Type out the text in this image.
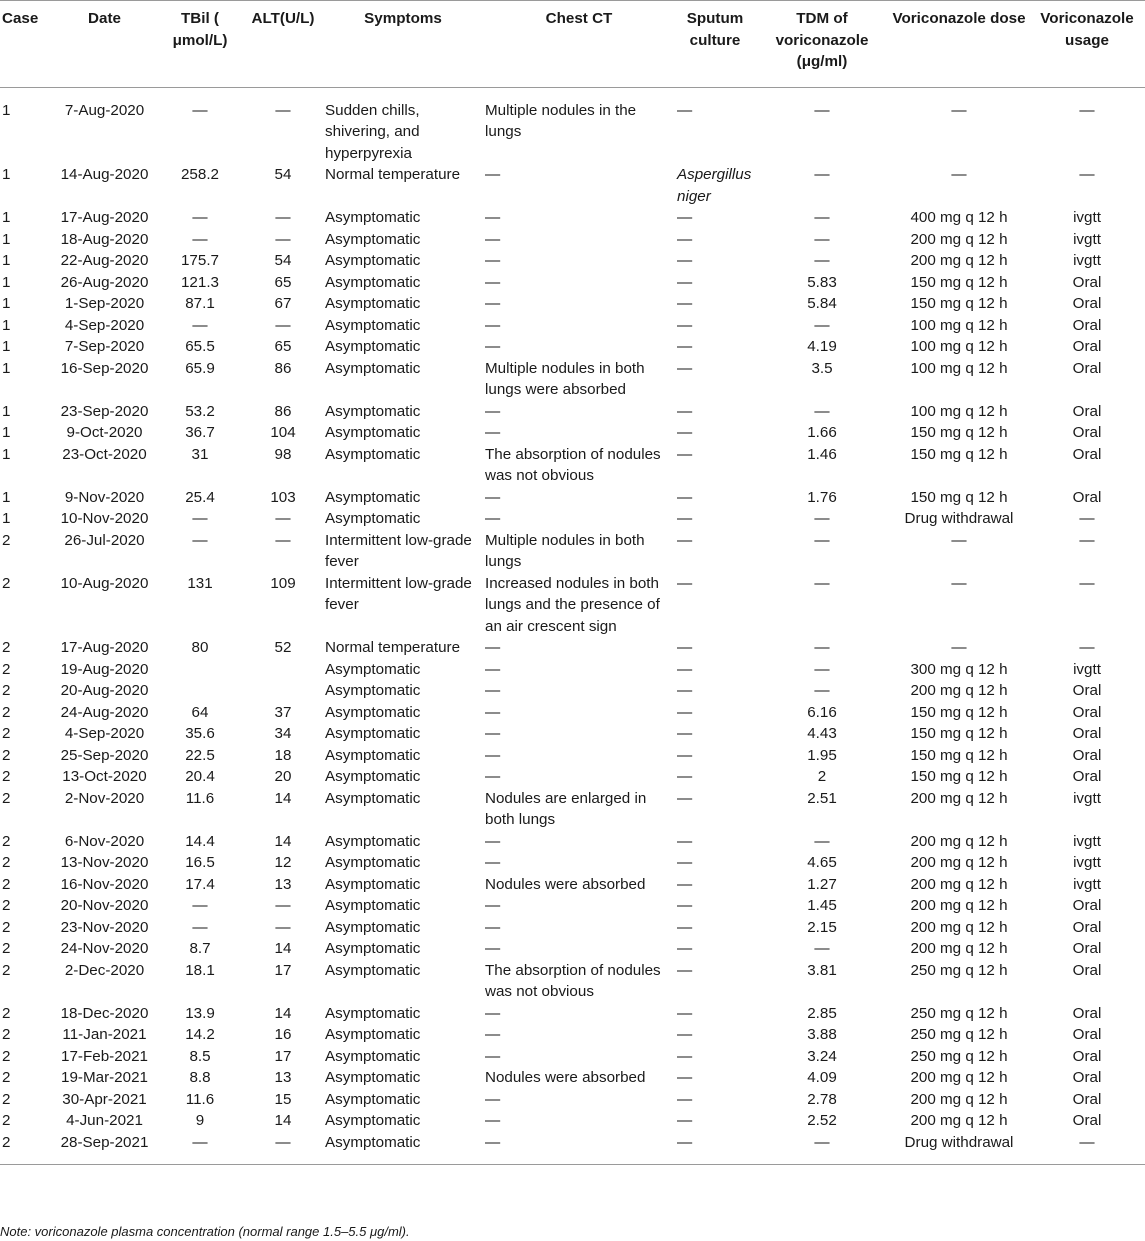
Case	Date	TBil ( μmol/L)	ALT(U/L)	Symptoms	Chest CT	Sputum culture	TDM of voriconazole (μg/ml)	Voriconazole dose	Voriconazole usage
1	7-Aug-2020	—	—	Sudden chills, shivering, and hyperpyrexia	Multiple nodules in the lungs	—	—	—	—
1	14-Aug-2020	258.2	54	Normal temperature	—	Aspergillus niger	—	—	—
1	17-Aug-2020	—	—	Asymptomatic	—	—	—	400 mg q 12 h	ivgtt
1	18-Aug-2020	—	—	Asymptomatic	—	—	—	200 mg q 12 h	ivgtt
1	22-Aug-2020	175.7	54	Asymptomatic	—	—	—	200 mg q 12 h	ivgtt
1	26-Aug-2020	121.3	65	Asymptomatic	—	—	5.83	150 mg q 12 h	Oral
1	1-Sep-2020	87.1	67	Asymptomatic	—	—	5.84	150 mg q 12 h	Oral
1	4-Sep-2020	—	—	Asymptomatic	—	—	—	100 mg q 12 h	Oral
1	7-Sep-2020	65.5	65	Asymptomatic	—	—	4.19	100 mg q 12 h	Oral
1	16-Sep-2020	65.9	86	Asymptomatic	Multiple nodules in both lungs were absorbed	—	3.5	100 mg q 12 h	Oral
1	23-Sep-2020	53.2	86	Asymptomatic	—	—	—	100 mg q 12 h	Oral
1	9-Oct-2020	36.7	104	Asymptomatic	—	—	1.66	150 mg q 12 h	Oral
1	23-Oct-2020	31	98	Asymptomatic	The absorption of nodules was not obvious	—	1.46	150 mg q 12 h	Oral
1	9-Nov-2020	25.4	103	Asymptomatic	—	—	1.76	150 mg q 12 h	Oral
1	10-Nov-2020	—	—	Asymptomatic	—	—	—	Drug withdrawal	—
2	26-Jul-2020	—	—	Intermittent low-grade fever	Multiple nodules in both lungs	—	—	—	—
2	10-Aug-2020	131	109	Intermittent low-grade fever	Increased nodules in both lungs and the presence of an air crescent sign	—	—	—	—
2	17-Aug-2020	80	52	Normal temperature	—	—	—	—	—
2	19-Aug-2020			Asymptomatic	—	—	—	300 mg q 12 h	ivgtt
2	20-Aug-2020			Asymptomatic	—	—	—	200 mg q 12 h	Oral
2	24-Aug-2020	64	37	Asymptomatic	—	—	6.16	150 mg q 12 h	Oral
2	4-Sep-2020	35.6	34	Asymptomatic	—	—	4.43	150 mg q 12 h	Oral
2	25-Sep-2020	22.5	18	Asymptomatic	—	—	1.95	150 mg q 12 h	Oral
2	13-Oct-2020	20.4	20	Asymptomatic	—	—	2	150 mg q 12 h	Oral
2	2-Nov-2020	11.6	14	Asymptomatic	Nodules are enlarged in both lungs	—	2.51	200 mg q 12 h	ivgtt
2	6-Nov-2020	14.4	14	Asymptomatic	—	—	—	200 mg q 12 h	ivgtt
2	13-Nov-2020	16.5	12	Asymptomatic	—	—	4.65	200 mg q 12 h	ivgtt
2	16-Nov-2020	17.4	13	Asymptomatic	Nodules were absorbed	—	1.27	200 mg q 12 h	ivgtt
2	20-Nov-2020	—	—	Asymptomatic	—	—	1.45	200 mg q 12 h	Oral
2	23-Nov-2020	—	—	Asymptomatic	—	—	2.15	200 mg q 12 h	Oral
2	24-Nov-2020	8.7	14	Asymptomatic	—	—	—	200 mg q 12 h	Oral
2	2-Dec-2020	18.1	17	Asymptomatic	The absorption of nodules was not obvious	—	3.81	250 mg q 12 h	Oral
2	18-Dec-2020	13.9	14	Asymptomatic	—	—	2.85	250 mg q 12 h	Oral
2	11-Jan-2021	14.2	16	Asymptomatic	—	—	3.88	250 mg q 12 h	Oral
2	17-Feb-2021	8.5	17	Asymptomatic	—	—	3.24	250 mg q 12 h	Oral
2	19-Mar-2021	8.8	13	Asymptomatic	Nodules were absorbed	—	4.09	200 mg q 12 h	Oral
2	30-Apr-2021	11.6	15	Asymptomatic	—	—	2.78	200 mg q 12 h	Oral
2	4-Jun-2021	9	14	Asymptomatic	—	—	2.52	200 mg q 12 h	Oral
2	28-Sep-2021	—	—	Asymptomatic	—	—	—	Drug withdrawal	—
Note: voriconazole plasma concentration (normal range 1.5–5.5 μg/ml).
